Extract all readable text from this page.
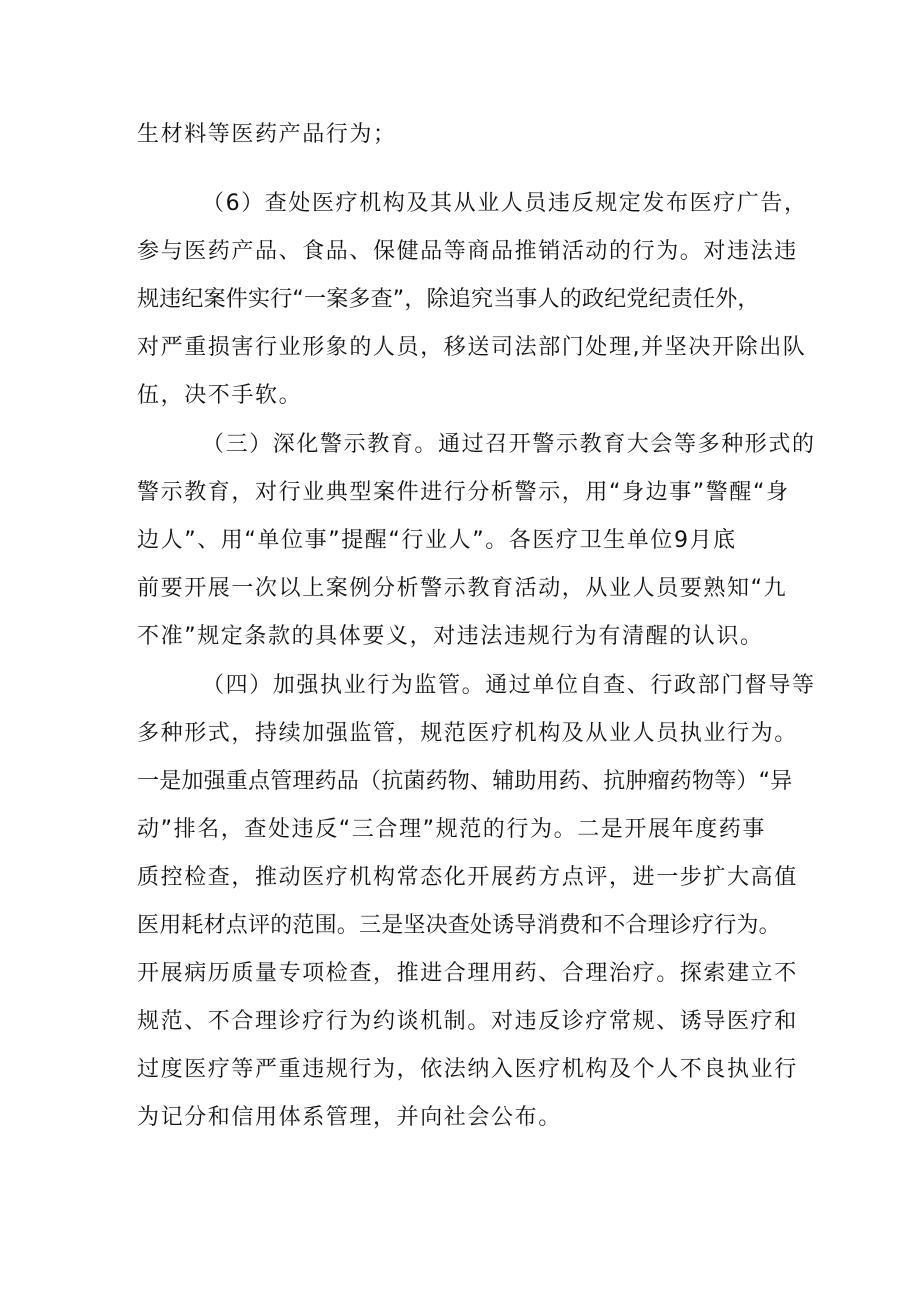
生材料等医药产品行为；
（6）查处医疗机构及其从业人员违反规定发布医疗广告，
参与医药产品、食品、保健品等商品推销活动的行为。对违法违
规违纪案件实行“一案多查”，除追究当事人的政纪党纪责任外，
对严重损害行业形象的人员，移送司法部门处理,并坚决开除出队
伍，决不手软。
（三）深化警示教育。通过召开警示教育大会等多种形式的
警示教育，对行业典型案件进行分析警示，用“身边事”警醒“身
边人”、用“单位事”提醒“行业人”。各医疗卫生单位9月底
前要开展一次以上案例分析警示教育活动，从业人员要熟知“九
不准”规定条款的具体要义，对违法违规行为有清醒的认识。
（四）加强执业行为监管。通过单位自查、行政部门督导等
多种形式，持续加强监管，规范医疗机构及从业人员执业行为。
一是加强重点管理药品（抗菌药物、辅助用药、抗肿瘤药物等）“异
动”排名，查处违反“三合理”规范的行为。二是开展年度药事
质控检查，推动医疗机构常态化开展药方点评，进一步扩大高值
医用耗材点评的范围。三是坚决查处诱导消费和不合理诊疗行为。
开展病历质量专项检查，推进合理用药、合理治疗。探索建立不
规范、不合理诊疗行为约谈机制。对违反诊疗常规、诱导医疗和
过度医疗等严重违规行为，依法纳入医疗机构及个人不良执业行
为记分和信用体系管理，并向社会公布。
